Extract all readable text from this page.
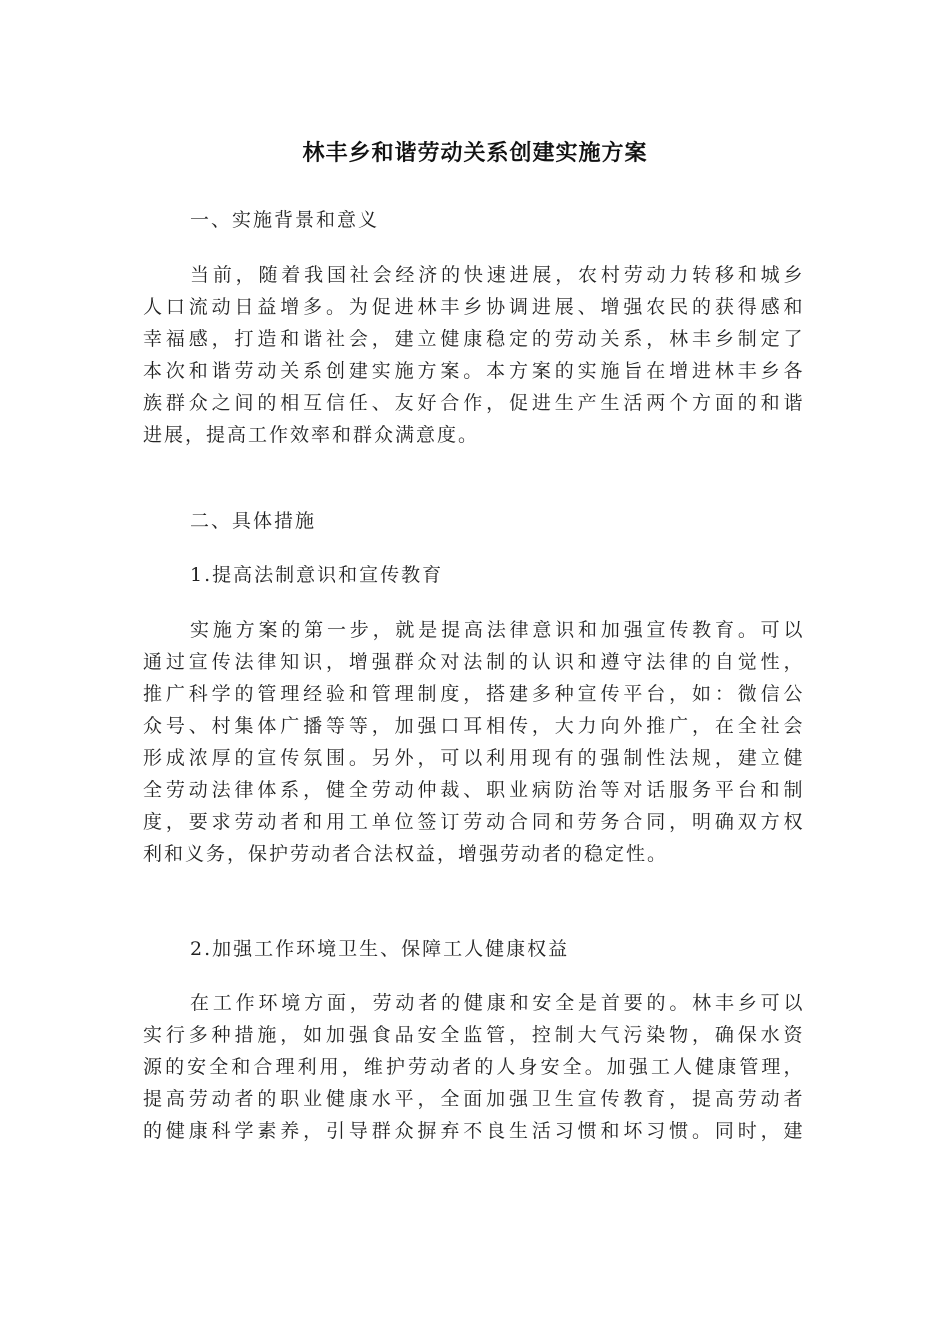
林丰乡和谐劳动关系创建实施方案
一、实施背景和意义
当前，随着我国社会经济的快速进展，农村劳动力转移和城乡
人口流动日益增多。为促进林丰乡协调进展、增强农民的获得感和
幸福感，打造和谐社会，建立健康稳定的劳动关系，林丰乡制定了
本次和谐劳动关系创建实施方案。本方案的实施旨在增进林丰乡各
族群众之间的相互信任、友好合作，促进生产生活两个方面的和谐
进展，提高工作效率和群众满意度。
二、具体措施
1.提高法制意识和宣传教育
实施方案的第一步，就是提高法律意识和加强宣传教育。可以
通过宣传法律知识，增强群众对法制的认识和遵守法律的自觉性，
推广科学的管理经验和管理制度，搭建多种宣传平台，如：微信公
众号、村集体广播等等，加强口耳相传，大力向外推广，在全社会
形成浓厚的宣传氛围。另外，可以利用现有的强制性法规，建立健
全劳动法律体系，健全劳动仲裁、职业病防治等对话服务平台和制
度，要求劳动者和用工单位签订劳动合同和劳务合同，明确双方权
利和义务，保护劳动者合法权益，增强劳动者的稳定性。
2.加强工作环境卫生、保障工人健康权益
在工作环境方面，劳动者的健康和安全是首要的。林丰乡可以
实行多种措施，如加强食品安全监管，控制大气污染物，确保水资
源的安全和合理利用，维护劳动者的人身安全。加强工人健康管理，
提高劳动者的职业健康水平，全面加强卫生宣传教育，提高劳动者
的健康科学素养，引导群众摒弃不良生活习惯和坏习惯。同时，建
